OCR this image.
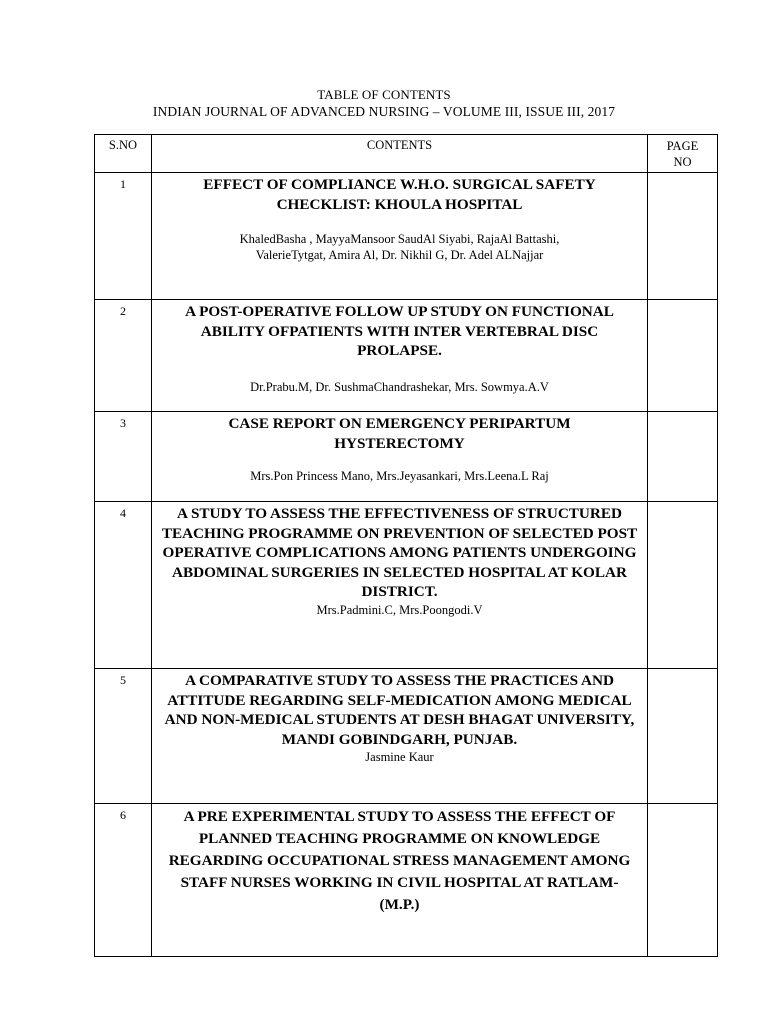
TABLE OF CONTENTS
INDIAN JOURNAL OF ADVANCED NURSING – VOLUME III, ISSUE III, 2017
S.NO	CONTENTS	PAGE
NO

1	EFFECT OF COMPLIANCE W.H.O. SURGICAL SAFETY CHECKLIST: KHOULA HOSPITAL
KhaledBasha , MayyaMansoor SaudAl Siyabi, RajaAl Battashi,
ValerieTytgat, Amira Al, Dr. Nikhil G, Dr. Adel ALNajjar	

2	A POST-OPERATIVE FOLLOW UP STUDY ON FUNCTIONAL ABILITY OFPATIENTS WITH INTER VERTEBRAL DISC PROLAPSE.
Dr.Prabu.M, Dr. SushmaChandrashekar, Mrs. Sowmya.A.V	

3	CASE REPORT ON EMERGENCY PERIPARTUM HYSTERECTOMY
Mrs.Pon Princess Mano, Mrs.Jeyasankari, Mrs.Leena.L Raj	

4	A STUDY TO ASSESS THE EFFECTIVENESS OF STRUCTURED TEACHING PROGRAMME ON PREVENTION OF SELECTED POST OPERATIVE COMPLICATIONS AMONG PATIENTS UNDERGOING ABDOMINAL SURGERIES IN SELECTED HOSPITAL AT KOLAR DISTRICT.
Mrs.Padmini.C, Mrs.Poongodi.V	

5	A COMPARATIVE STUDY TO ASSESS THE PRACTICES AND ATTITUDE REGARDING SELF-MEDICATION AMONG MEDICAL AND NON-MEDICAL STUDENTS AT DESH BHAGAT UNIVERSITY, MANDI GOBINDGARH, PUNJAB.
Jasmine Kaur	

6	A PRE EXPERIMENTAL STUDY TO ASSESS THE EFFECT OF PLANNED TEACHING PROGRAMME ON KNOWLEDGE REGARDING OCCUPATIONAL STRESS MANAGEMENT AMONG STAFF NURSES WORKING IN CIVIL HOSPITAL AT RATLAM- (M.P.)	
